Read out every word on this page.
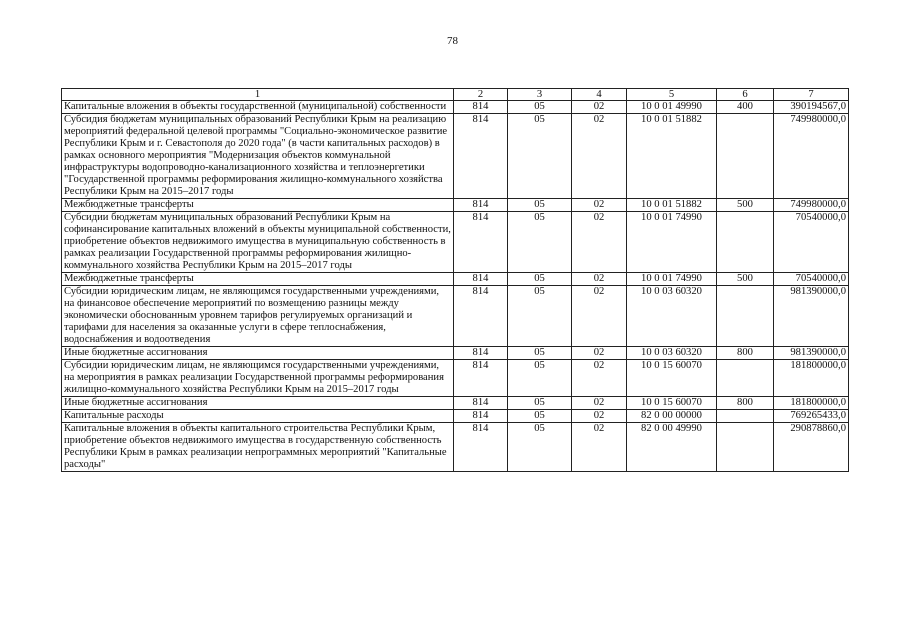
78
1	2	3	4	5	6	7
Капитальные вложения в объекты государственной (муниципальной) собственности	814	05	02	10 0 01 49990	400	390194567,0
Субсидия бюджетам муниципальных образований Республики Крым на реализацию мероприятий федеральной целевой программы "Социально-экономическое развитие Республики Крым и г. Севастополя до 2020 года" (в части капитальных расходов) в рамках основного мероприятия "Модернизация объектов коммунальной инфраструктуры водопроводно-канализационного хозяйства и теплоэнергетики "Государственной программы реформирования жилищно-коммунального хозяйства Республики Крым на 2015–2017 годы	814	05	02	10 0 01 51882		749980000,0
Межбюджетные трансферты	814	05	02	10 0 01 51882	500	749980000,0
Субсидии бюджетам муниципальных образований Республики Крым на софинансирование капитальных вложений в объекты муниципальной собственности, приобретение объектов недвижимого имущества в муниципальную собственность в рамках реализации Государственной программы реформирования жилищно-коммунального хозяйства Республики Крым на 2015–2017 годы	814	05	02	10 0 01 74990		70540000,0
Межбюджетные трансферты	814	05	02	10 0 01 74990	500	70540000,0
Субсидии юридическим лицам, не являющимся государственными учреждениями, на финансовое обеспечение мероприятий по возмещению разницы между экономически обоснованным уровнем тарифов регулируемых организаций и тарифами для населения за оказанные услуги в сфере теплоснабжения, водоснабжения и водоотведения	814	05	02	10 0 03 60320		981390000,0
Иные бюджетные ассигнования	814	05	02	10 0 03 60320	800	981390000,0
Субсидии юридическим лицам, не являющимся государственными учреждениями, на мероприятия в рамках реализации Государственной программы реформирования жилищно-коммунального хозяйства Республики Крым на 2015–2017 годы	814	05	02	10 0 15 60070		181800000,0
Иные бюджетные ассигнования	814	05	02	10 0 15 60070	800	181800000,0
Капитальные расходы	814	05	02	82 0 00 00000		769265433,0
Капитальные вложения в объекты капитального строительства Республики Крым, приобретение объектов недвижимого имущества в государственную собственность Республики Крым в рамках реализации непрограммных мероприятий "Капитальные расходы"	814	05	02	82 0 00 49990		290878860,0
